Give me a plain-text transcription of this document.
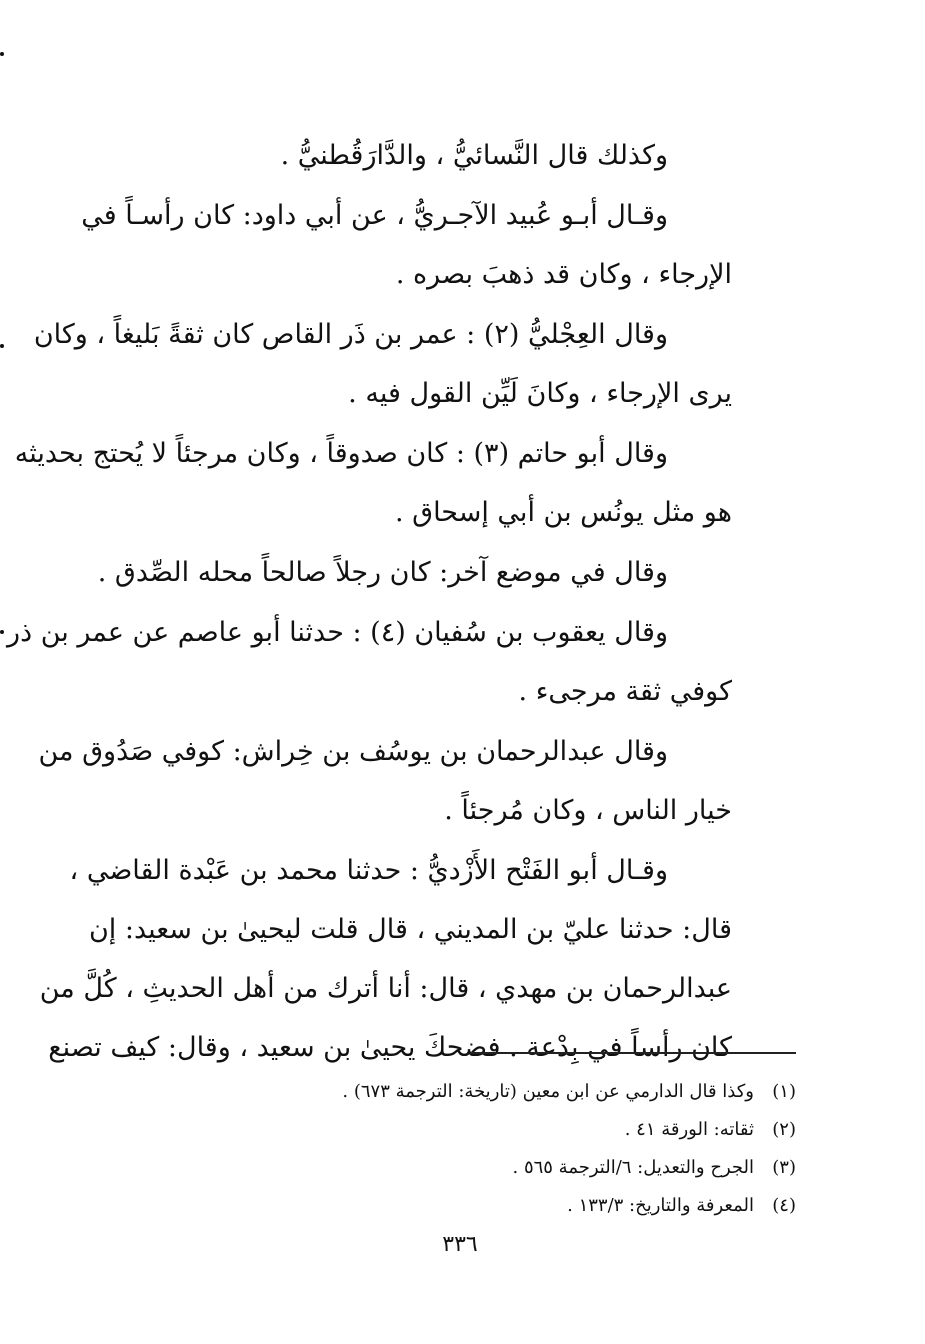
وكذلك قال النَّسائيُّ ، والدَّارَقُطنيُّ .

وقـال أبـو عُبيد الآجـريُّ ، عن أبي داود: كان رأسـاً في
الإرجاء ، وكان قد ذهبَ بصره .

وقال العِجْليُّ (٢) : عمر بن ذَر القاص كان ثقةً بَليغاً ، وكان
يرى الإرجاء ، وكانَ لَيِّن القول فيه .

وقال أبو حاتم (٣) : كان صدوقاً ، وكان مرجئاً لا يُحتج بحديثه
هو مثل يونُس بن أبي إسحاق .

وقال في موضع آخر: كان رجلاً صالحاً محله الصِّدق .

وقال يعقوب بن سُفيان (٤) : حدثنا أبو عاصم عن عمر بن ذر
كوفي ثقة مرجىء .

وقال عبدالرحمان بن يوسُف بن خِراش: كوفي صَدُوق من
خيار الناس ، وكان مُرجئاً .

وقـال أبو الفَتْح الأَزْديُّ : حدثنا محمد بن عَبْدة القاضي ،
قال: حدثنا عليّ بن المديني ، قال قلت ليحيىٰ بن سعيد: إن
عبدالرحمان بن مهدي ، قال: أنا أترك من أهل الحديثِ ، كُلَّ من
كان رأساً في بِدْعة . فضحكَ يحيىٰ بن سعيد ، وقال: كيف تصنع

(١)
وكذا قال الدارمي عن ابن معين (تاريخة: الترجمة ٦٧٣) .
(٢)
ثقاته: الورقة ٤١ .
(٣)
الجرح والتعديل: ٦/الترجمة ٥٦٥ .
(٤)
المعرفة والتاريخ: ١٣٣/٣ .
٣٣٦
